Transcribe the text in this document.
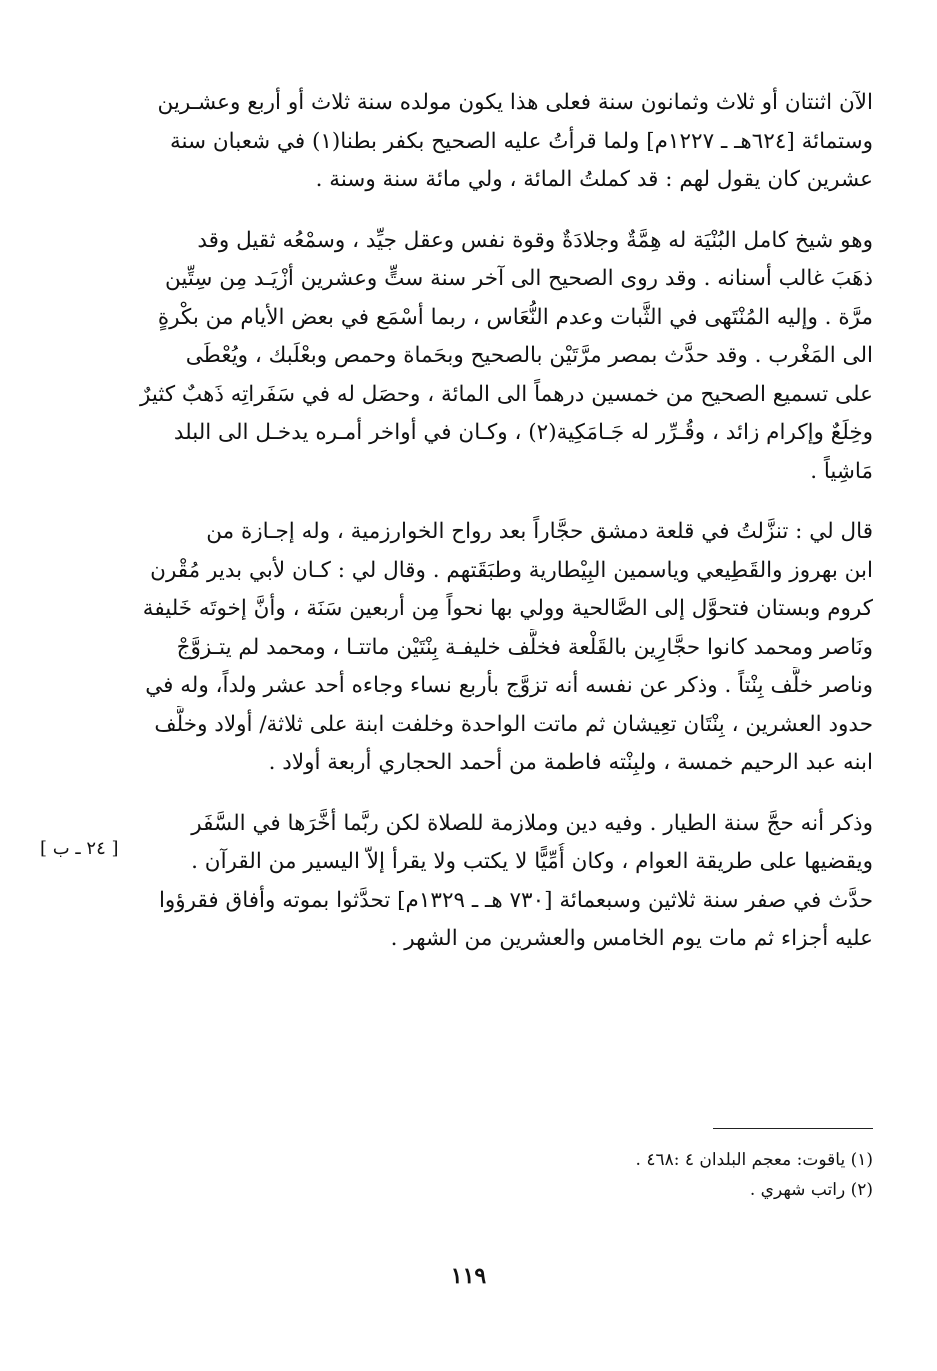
الآن اثنتان أو ثلاث وثمانون سنة فعلى هذا يكون مولده سنة ثلاث أو أربع وعشـرين
وستمائة [٦٢٤هـ ـ ١٢٢٧م] ولما قرأتُ عليه الصحيح بكفر بطنا(١) في شعبان سنة
عشرين كان يقول لهم : قد كملتُ المائة ، ولي مائة سنة وسنة .

وهو شيخ كامل البُنْيَة له هِمَّةٌ وجلادَةٌ وقوة نفس وعقل جيِّد ، وسمْعُه ثقيل وقد
ذهَبَ غالب أسنانه . وقد روى الصحيح الى آخر سنة ستٍّ وعشرين أزْيَـد مِن سِتِّين
مرَّة . وإليه المُنْتَهى في الثَّبات وعدم النُّعَاس ، ربما أسْمَع في بعض الأيام من بكْرةٍ
الى المَغْرب . وقد حدَّث بمصر مرَّتَيْن بالصحيح وبحَماة وحمص وبعْلَبك ، ويُعْطَى
على تسميع الصحيح من خمسين درهماً الى المائة ، وحصَل له في سَفَراتِه ذَهبٌ كثيرٌ
وخِلَعٌ وإكرام زائد ، وقُـرِّر له جَـامَكِية(٢) ، وكـان في أواخر أمـره يدخـل الى البلد
مَاشِياً .

قال لي : تنزَّلتُ في قلعة دمشق حجَّاراً بعد رواح الخوارزمية ، وله إجـازة من
ابن بهروز والقَطِيعي وياسمين البِيْطارية وطبَقَتهم . وقال لي : كـان لأبي بدير مُقْرن
كروم وبستان فتحوَّل إلى الصَّالحية وولي بها نحواً مِن أربعين سَنَة ، وأنَّ إخوتَه خَليفة
ونَاصر ومحمد كانوا حجَّارِين بالقَلْعة فخلَّف خليفـة بِنْتَيْن ماتتـا ، ومحمد لم يتـزوَّجْ
وناصر خلَّف بِنْتاً . وذكر عن نفسه أنه تزوَّج بأربع نساء وجاءه أحد عشر ولداً، وله في
حدود العشرين ، بِنْتَان تعِيشان ثم ماتت الواحدة وخلفت ابنة على ثلاثة/ أولاد وخلَّف
ابنه عبد الرحيم خمسة ، ولبِنْته فاطمة من أحمد الحجاري أربعة أولاد .

وذكر أنه حجَّ سنة الطيار . وفيه دين وملازمة للصلاة لكن ربَّما أخَّرَها في السَّفَر
ويقضيها على طريقة العوام ، وكان أُمِّيًّا لا يكتب ولا يقرأ إلاّ اليسير من القرآن .
حدَّث في صفر سنة ثلاثين وسبعمائة [٧٣٠ هـ ـ ١٣٢٩م] تحدَّثوا بموته وأفاق فقرؤوا
عليه أجزاء ثم مات يوم الخامس والعشرين من الشهر .

[ ٢٤ ـ ب ]
(١) ياقوت: معجم البلدان ٤ :٤٦٨ .
(٢) راتب شهري .
١١٩
